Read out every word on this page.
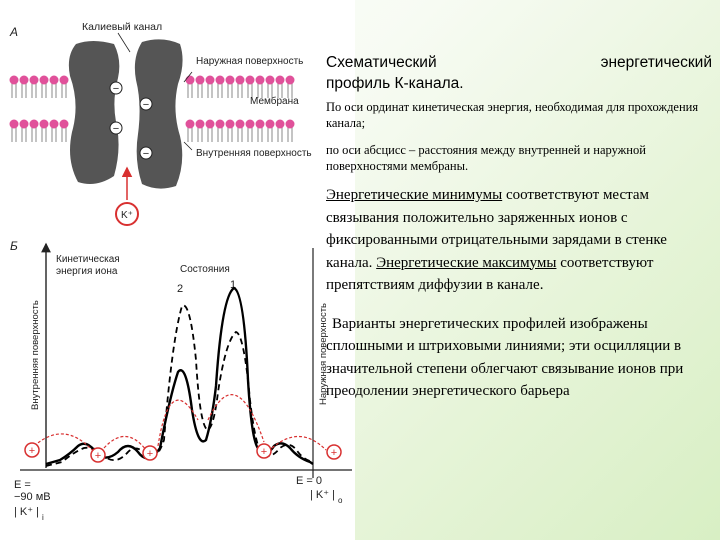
А	Калиевый канал
−
−
−
−
Наружная поверхность
Мембрана
Внутренняя поверхность
K⁺
Б
Кинетическая
энергия иона	Состояния
2	1
Внутренняя поверхность	Наружная поверхность
+	+	+	+	+
E =
−90 мВ
| K⁺ | i
E = 0
| K⁺ | o
Схематический	энергетический
профиль К-канала.
По оси ординат кинетическая энергия, необходимая для прохождения канала;
по оси абсцисс – расстояния между внутренней и наружной поверхностями мембраны.
Энергетические минимумы соответствуют местам связывания положительно заряженных ионов с фиксированными отрицательными зарядами в стенке канала. Энергетические максимумы соответствуют препятствиям диффузии в канале.
Варианты энергетических профилей изображены сплошными и штриховыми линиями; эти осцилляции в значительной степени облегчают связывание ионов при преодолении энергетического барьера
